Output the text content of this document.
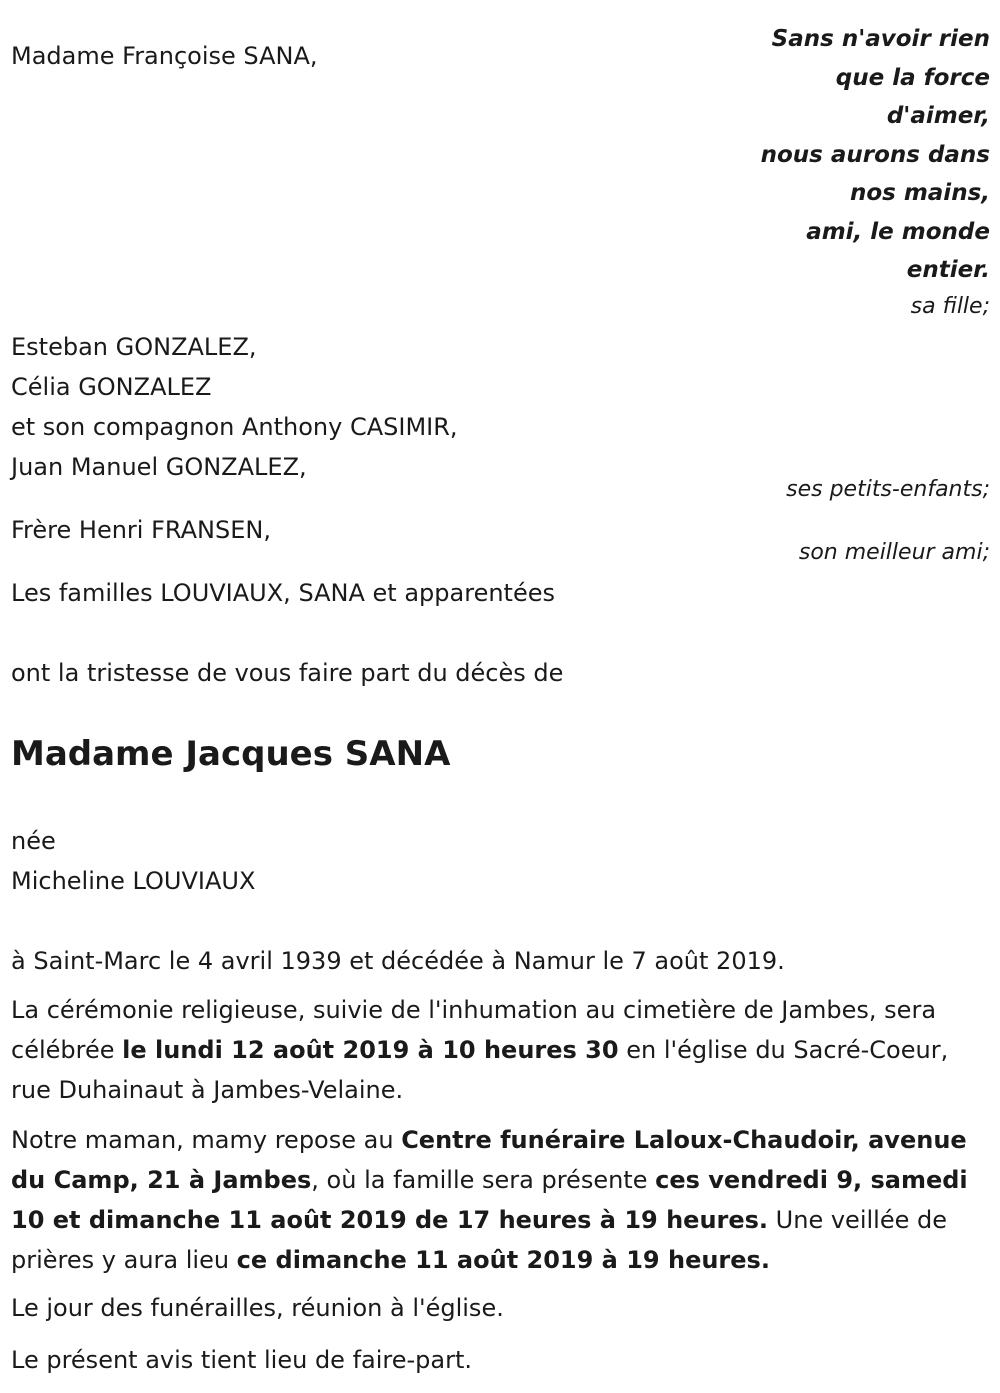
Madame Françoise SANA,

Sans n'avoir rien
que la force
d'aimer,
nous aurons dans
nos mains,
ami, le monde
entier.

sa fille;

Esteban GONZALEZ,
Célia GONZALEZ
et son compagnon Anthony CASIMIR,
Juan Manuel GONZALEZ,

ses petits-enfants;

Frère Henri FRANSEN,

son meilleur ami;

Les familles LOUVIAUX, SANA et apparentées

ont la tristesse de vous faire part du décès de

Madame Jacques SANA

née

Micheline LOUVIAUX

à Saint-Marc le 4 avril 1939 et décédée à Namur le 7 août 2019.

La cérémonie religieuse, suivie de l'inhumation au cimetière de Jambes, sera célébrée le lundi 12 août 2019 à 10 heures 30 en l'église du Sacré-Coeur, rue Duhainaut à Jambes-Velaine.

Notre maman, mamy repose au Centre funéraire Laloux-Chaudoir, avenue du Camp, 21 à Jambes, où la famille sera présente ces vendredi 9, samedi 10 et dimanche 11 août 2019 de 17 heures à 19 heures. Une veillée de prières y aura lieu ce dimanche 11 août 2019 à 19 heures.

Le jour des funérailles, réunion à l'église.

Le présent avis tient lieu de faire-part.
